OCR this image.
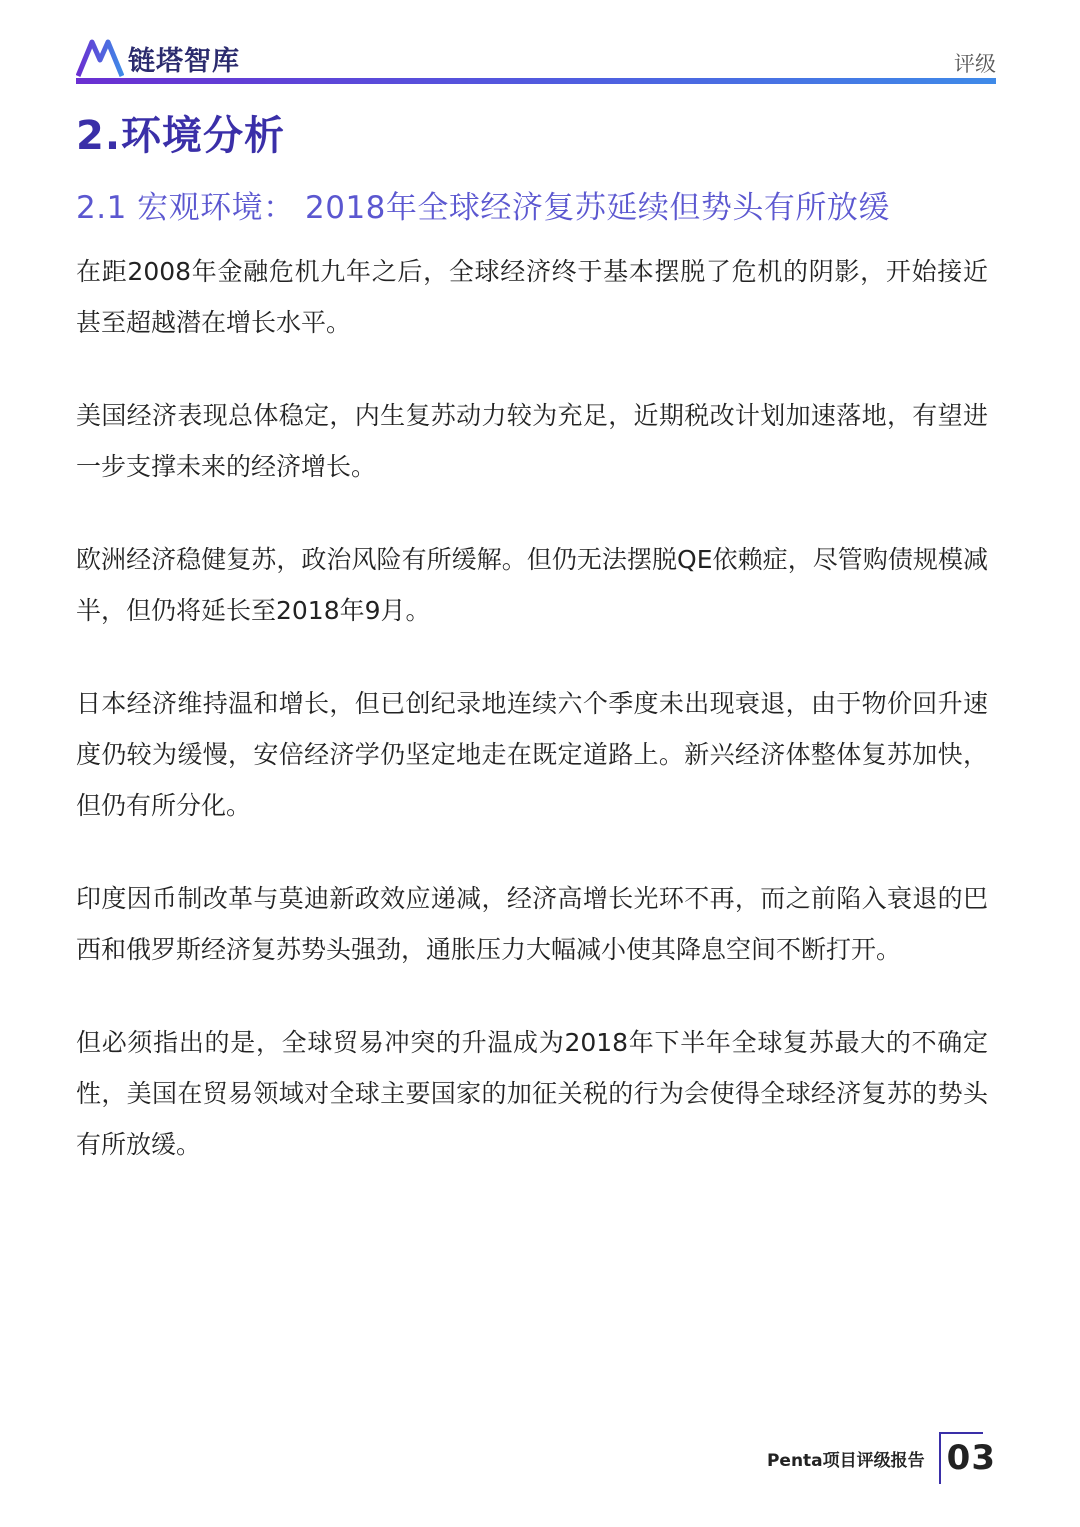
链塔智库	评级
2.环境分析
2.1 宏观环境： 2018年全球经济复苏延续但势头有所放缓

在距2008年金融危机九年之后，全球经济终于基本摆脱了危机的阴影，开始接近甚至超越潜在增长水平。

美国经济表现总体稳定，内生复苏动力较为充足，近期税改计划加速落地，有望进一步支撑未来的经济增长。

欧洲经济稳健复苏，政治风险有所缓解。但仍无法摆脱QE依赖症，尽管购债规模减半，但仍将延长至2018年9月。

日本经济维持温和增长，但已创纪录地连续六个季度未出现衰退，由于物价回升速度仍较为缓慢，安倍经济学仍坚定地走在既定道路上。新兴经济体整体复苏加快，但仍有所分化。

印度因币制改革与莫迪新政效应递减，经济高增长光环不再，而之前陷入衰退的巴西和俄罗斯经济复苏势头强劲，通胀压力大幅减小使其降息空间不断打开。

但必须指出的是，全球贸易冲突的升温成为2018年下半年全球复苏最大的不确定性，美国在贸易领域对全球主要国家的加征关税的行为会使得全球经济复苏的势头有所放缓。

Penta项目评级报告 03
